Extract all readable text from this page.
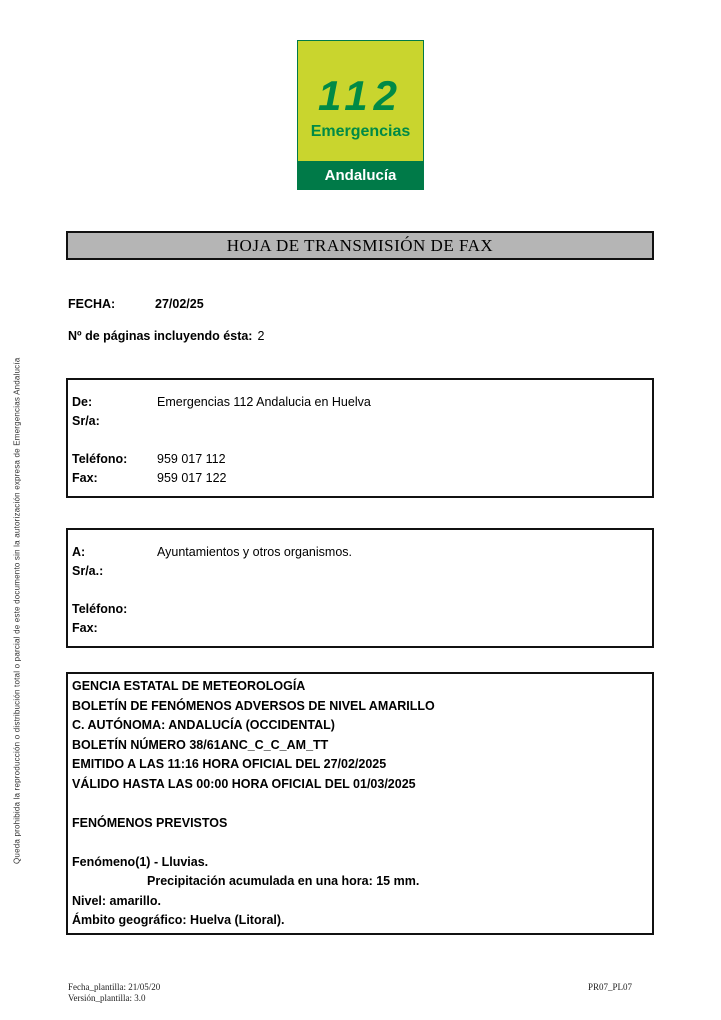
Queda prohibida la reproducción o distribución total o parcial de este documento sin la autorización expresa de Emergencias Andalucía
112
Emergencias
Andalucía
HOJA DE TRANSMISIÓN DE FAX
FECHA:	27/02/25
Nº de páginas incluyendo ésta: 2
De:	Emergencias 112 Andalucia en Huelva
Sr/a:
Teléfono:	959 017 112
Fax:	959 017 122
A:	Ayuntamientos y otros organismos.
Sr/a.:
Teléfono:
Fax:
GENCIA ESTATAL DE METEOROLOGÍA
BOLETÍN DE FENÓMENOS ADVERSOS DE NIVEL AMARILLO
C. AUTÓNOMA: ANDALUCÍA (OCCIDENTAL)
BOLETÍN NÚMERO 38/61ANC_C_C_AM_TT
EMITIDO A LAS 11:16 HORA OFICIAL DEL 27/02/2025
VÁLIDO HASTA LAS 00:00 HORA OFICIAL DEL 01/03/2025
FENÓMENOS PREVISTOS
Fenómeno(1) - Lluvias.
Precipitación acumulada en una hora: 15 mm.
Nivel: amarillo.
Ámbito geográfico: Huelva (Litoral).
Fecha_plantilla: 21/05/20
Versión_plantilla: 3.0
PR07_PL07
